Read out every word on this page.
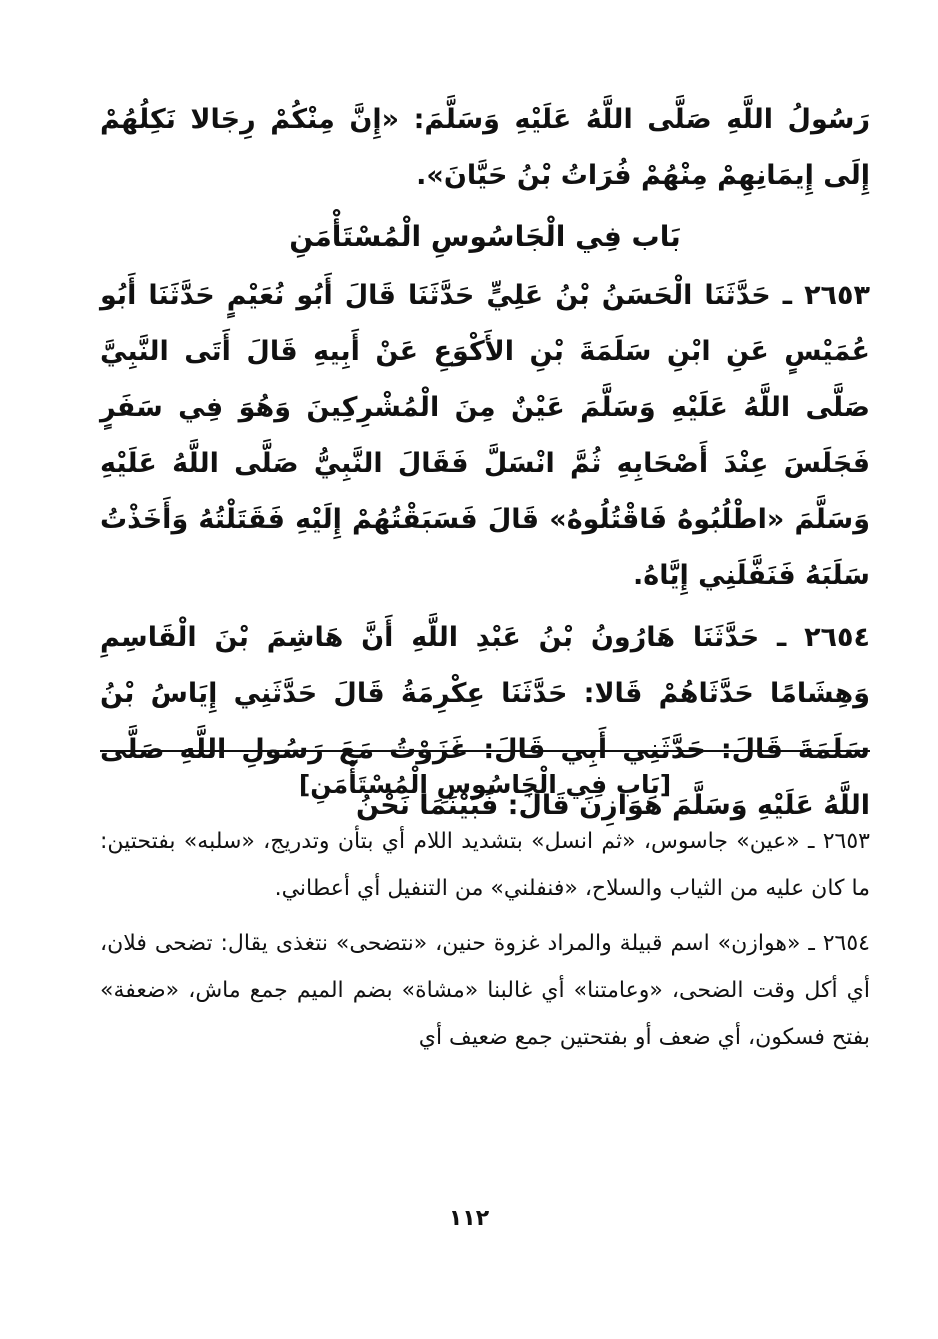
رَسُولُ اللَّهِ صَلَّى اللَّهُ عَلَيْهِ وَسَلَّمَ: «إِنَّ مِنْكُمْ رِجَالا نَكِلُهُمْ إِلَى إِيمَانِهِمْ مِنْهُمْ فُرَاتُ بْنُ حَيَّانَ».

بَاب فِي الْجَاسُوسِ الْمُسْتَأْمَنِ

٢٦٥٣ ـ حَدَّثَنَا الْحَسَنُ بْنُ عَلِيٍّ حَدَّثَنَا قَالَ أَبُو نُعَيْمٍ حَدَّثَنَا أَبُو عُمَيْسٍ عَنِ ابْنِ سَلَمَةَ بْنِ الأَكْوَعِ عَنْ أَبِيهِ قَالَ أَتَى النَّبِيَّ صَلَّى اللَّهُ عَلَيْهِ وَسَلَّمَ عَيْنٌ مِنَ الْمُشْرِكِينَ وَهُوَ فِي سَفَرٍ فَجَلَسَ عِنْدَ أَصْحَابِهِ ثُمَّ انْسَلَّ فَقَالَ النَّبِيُّ صَلَّى اللَّهُ عَلَيْهِ وَسَلَّمَ «اطْلُبُوهُ فَاقْتُلُوهُ» قَالَ فَسَبَقْتُهُمْ إِلَيْهِ فَقَتَلْتُهُ وَأَخَذْتُ سَلَبَهُ فَنَفَّلَنِي إِيَّاهُ.

٢٦٥٤ ـ حَدَّثَنَا هَارُونُ بْنُ عَبْدِ اللَّهِ أَنَّ هَاشِمَ بْنَ الْقَاسِمِ وَهِشَامًا حَدَّثَاهُمْ قَالا: حَدَّثَنَا عِكْرِمَةُ قَالَ حَدَّثَنِي إِيَاسُ بْنُ سَلَمَةَ قَالَ: حَدَّثَنِي أَبِي قَالَ: غَزَوْتُ مَعَ رَسُولِ اللَّهِ صَلَّى اللَّهُ عَلَيْهِ وَسَلَّمَ هَوَازِنَ قَالَ: فَبَيْنَمَا نَحْنُ

[بَاب فِي الْجَاسُوسِ الْمُسْتَأْمَنِ]

٢٦٥٣ ـ «عين» جاسوس، «ثم انسل» بتشديد اللام أي بتأن وتدريج، «سلبه» بفتحتين: ما كان عليه من الثياب والسلاح، «فنفلني» من التنفيل أي أعطاني.

٢٦٥٤ ـ «هوازن» اسم قبيلة والمراد غزوة حنين، «نتضحى» نتغذى يقال: تضحى فلان، أي أكل وقت الضحى، «وعامتنا» أي غالبنا «مشاة» بضم الميم جمع ماش، «ضعفة» بفتح فسكون، أي ضعف أو بفتحتين جمع ضعيف أي

١١٢
